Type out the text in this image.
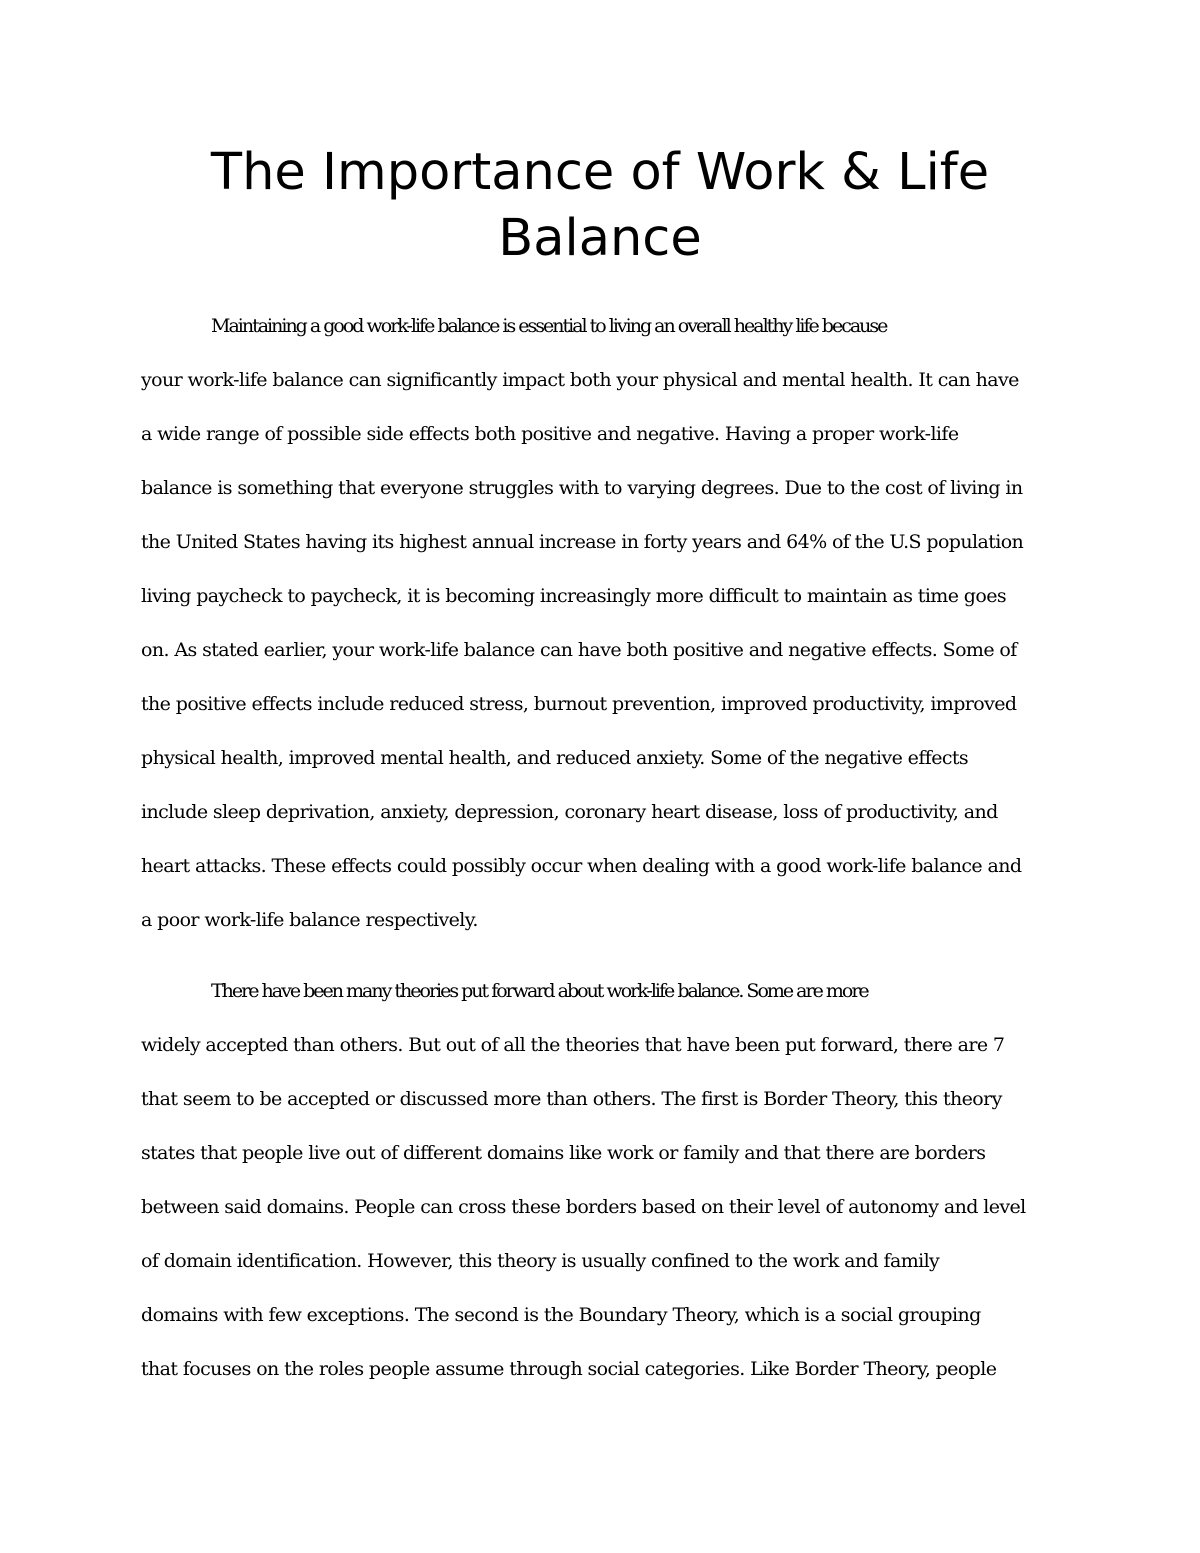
The Importance of Work & Life
Balance

Maintaining a good work-life balance is essential to living an overall healthy life because

your work-life balance can significantly impact both your physical and mental health. It can have

a wide range of possible side effects both positive and negative. Having a proper work-life

balance is something that everyone struggles with to varying degrees. Due to the cost of living in

the United States having its highest annual increase in forty years and 64% of the U.S population

living paycheck to paycheck, it is becoming increasingly more difficult to maintain as time goes

on. As stated earlier, your work-life balance can have both positive and negative effects. Some of

the positive effects include reduced stress, burnout prevention, improved productivity, improved

physical health, improved mental health, and reduced anxiety. Some of the negative effects

include sleep deprivation, anxiety, depression, coronary heart disease, loss of productivity, and

heart attacks. These effects could possibly occur when dealing with a good work-life balance and

a poor work-life balance respectively.

There have been many theories put forward about work-life balance. Some are more

widely accepted than others. But out of all the theories that have been put forward, there are 7

that seem to be accepted or discussed more than others. The first is Border Theory, this theory

states that people live out of different domains like work or family and that there are borders

between said domains. People can cross these borders based on their level of autonomy and level

of domain identification. However, this theory is usually confined to the work and family

domains with few exceptions. The second is the Boundary Theory, which is a social grouping

that focuses on the roles people assume through social categories. Like Border Theory, people
